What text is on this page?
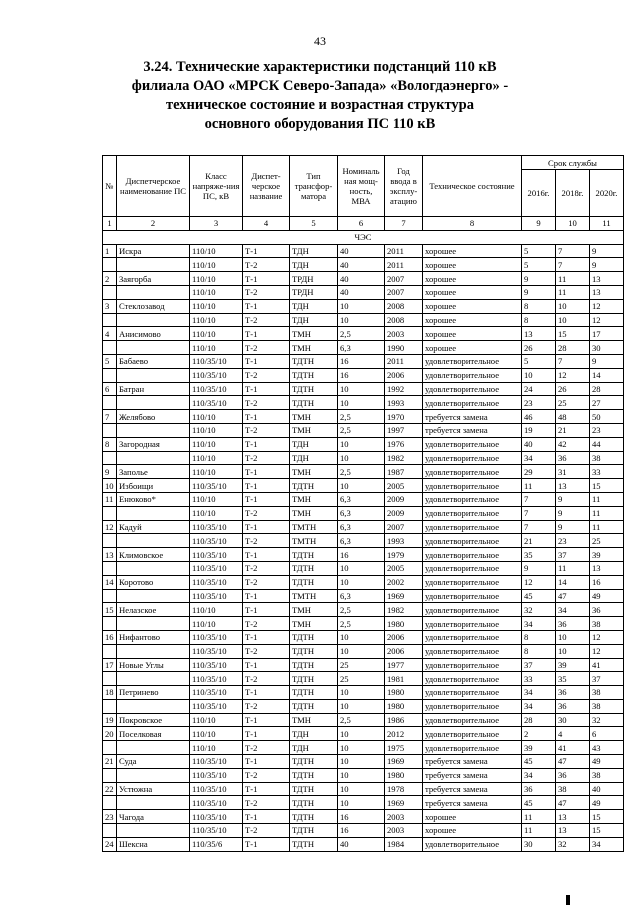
43
3.24. Технические характеристики подстанций 110 кВ
филиала ОАО «МРСК Северо-Запада» «Вологдаэнерго» -
техническое состояние и возрастная структура
основного оборудования ПС 110 кВ
№	Диспетчерское наименование ПС	Класс напряже-ния ПС, кВ	Диспет-черское название	Тип трансфор-матора	Номиналь ная мощ-ность, МВА	Год ввода в эксплу-атацию	Техническое состояние	Срок службы		
								2016г.	2018г.	2020г.
1	2	3	4	5	6	7	8	9	10	11
ЧЭС										
1	Искра	110/10	Т-1	ТДН	40	2011	хорошее	5	7	9
		110/10	Т-2	ТДН	40	2011	хорошее	5	7	9
2	Заягорба	110/10	Т-1	ТРДН	40	2007	хорошее	9	11	13
		110/10	Т-2	ТРДН	40	2007	хорошее	9	11	13
3	Стеклозавод	110/10	Т-1	ТДН	10	2008	хорошее	8	10	12
		110/10	Т-2	ТДН	10	2008	хорошее	8	10	12
4	Анисимово	110/10	Т-1	ТМН	2,5	2003	хорошее	13	15	17
		110/10	Т-2	ТМН	6,3	1990	хорошее	26	28	30
5	Бабаево	110/35/10	Т-1	ТДТН	16	2011	удовлетворительное	5	7	9
		110/35/10	Т-2	ТДТН	16	2006	удовлетворительное	10	12	14
6	Батран	110/35/10	Т-1	ТДТН	10	1992	удовлетворительное	24	26	28
		110/35/10	Т-2	ТДТН	10	1993	удовлетворительное	23	25	27
7	Желябово	110/10	Т-1	ТМН	2,5	1970	требуется замена	46	48	50
		110/10	Т-2	ТМН	2,5	1997	требуется замена	19	21	23
8	Загородная	110/10	Т-1	ТДН	10	1976	удовлетворительное	40	42	44
		110/10	Т-2	ТДН	10	1982	удовлетворительное	34	36	38
9	Заполье	110/10	Т-1	ТМН	2,5	1987	удовлетворительное	29	31	33
10	Избоищи	110/35/10	Т-1	ТДТН	10	2005	удовлетворительное	11	13	15
11	Енюково*	110/10	Т-1	ТМН	6,3	2009	удовлетворительное	7	9	11
		110/10	Т-2	ТМН	6,3	2009	удовлетворительное	7	9	11
12	Кадуй	110/35/10	Т-1	ТМТН	6,3	2007	удовлетворительное	7	9	11
		110/35/10	Т-2	ТМТН	6,3	1993	удовлетворительное	21	23	25
13	Климовское	110/35/10	Т-1	ТДТН	16	1979	удовлетворительное	35	37	39
		110/35/10	Т-2	ТДТН	10	2005	удовлетворительное	9	11	13
14	Коротово	110/35/10	Т-2	ТДТН	10	2002	удовлетворительное	12	14	16
		110/35/10	Т-1	ТМТН	6,3	1969	удовлетворительное	45	47	49
15	Нелазское	110/10	Т-1	ТМН	2,5	1982	удовлетворительное	32	34	36
		110/10	Т-2	ТМН	2,5	1980	удовлетворительное	34	36	38
16	Нифантово	110/35/10	Т-1	ТДТН	10	2006	удовлетворительное	8	10	12
		110/35/10	Т-2	ТДТН	10	2006	удовлетворительное	8	10	12
17	Новые Углы	110/35/10	Т-1	ТДТН	25	1977	удовлетворительное	37	39	41
		110/35/10	Т-2	ТДТН	25	1981	удовлетворительное	33	35	37
18	Петринево	110/35/10	Т-1	ТДТН	10	1980	удовлетворительное	34	36	38
		110/35/10	Т-2	ТДТН	10	1980	удовлетворительное	34	36	38
19	Покровское	110/10	Т-1	ТМН	2,5	1986	удовлетворительное	28	30	32
20	Поселковая	110/10	Т-1	ТДН	10	2012	удовлетворительное	2	4	6
		110/10	Т-2	ТДН	10	1975	удовлетворительное	39	41	43
21	Суда	110/35/10	Т-1	ТДТН	10	1969	требуется замена	45	47	49
		110/35/10	Т-2	ТДТН	10	1980	требуется замена	34	36	38
22	Устюжна	110/35/10	Т-1	ТДТН	10	1978	требуется замена	36	38	40
		110/35/10	Т-2	ТДТН	10	1969	требуется замена	45	47	49
23	Чагода	110/35/10	Т-1	ТДТН	16	2003	хорошее	11	13	15
		110/35/10	Т-2	ТДТН	16	2003	хорошее	11	13	15
24	Шексна	110/35/6	Т-1	ТДТН	40	1984	удовлетворительное	30	32	34
